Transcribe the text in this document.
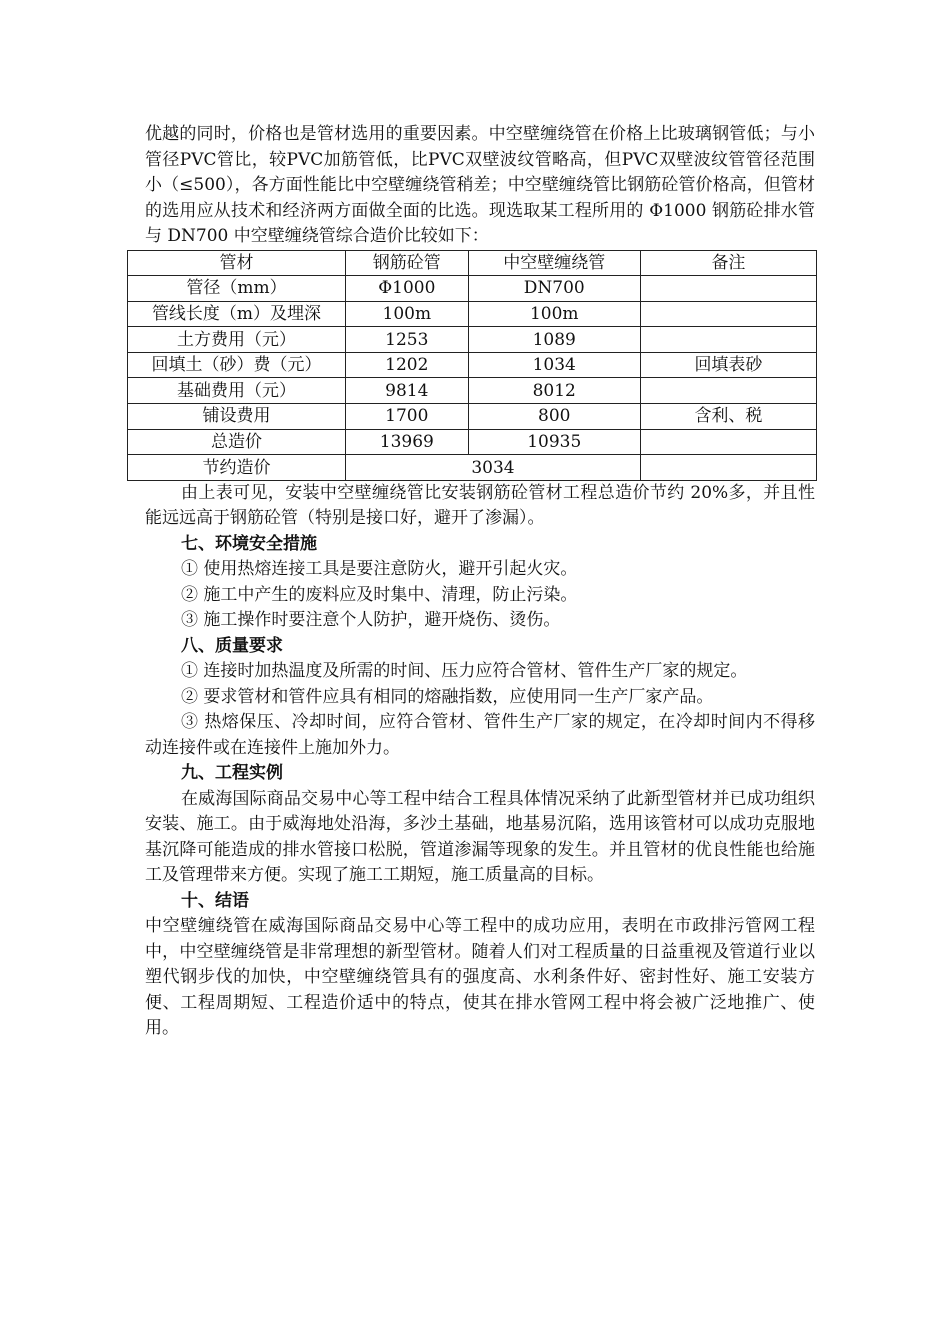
优越的同时，价格也是管材选用的重要因素。中空壁缠绕管在价格上比玻璃钢管低；与小管径PVC管比，较PVC加筋管低，比PVC双壁波纹管略高，但PVC双壁波纹管管径范围小（≤500），各方面性能比中空壁缠绕管稍差；中空壁缠绕管比钢筋砼管价格高，但管材的选用应从技术和经济两方面做全面的比选。现选取某工程所用的 Φ1000 钢筋砼排水管与 DN700 中空壁缠绕管综合造价比较如下：

管材	钢筋砼管	中空壁缠绕管	备注
管径（mm）	Φ1000	DN700	
管线长度（m）及埋深	100m	100m	
土方费用（元）	1253	1089	
回填土（砂）费（元）	1202	1034	回填表砂
基础费用（元）	9814	8012	
铺设费用	1700	800	含利、税
总造价	13969	10935	
节约造价	3034		

由上表可见，安装中空壁缠绕管比安装钢筋砼管材工程总造价节约 20%多，并且性能远远高于钢筋砼管（特别是接口好，避开了渗漏）。

七、环境安全措施

① 使用热熔连接工具是要注意防火，避开引起火灾。

② 施工中产生的废料应及时集中、清理，防止污染。

③ 施工操作时要注意个人防护，避开烧伤、烫伤。

八、质量要求

① 连接时加热温度及所需的时间、压力应符合管材、管件生产厂家的规定。

② 要求管材和管件应具有相同的熔融指数，应使用同一生产厂家产品。

③ 热熔保压、冷却时间，应符合管材、管件生产厂家的规定，在冷却时间内不得移动连接件或在连接件上施加外力。

九、工程实例

在威海国际商品交易中心等工程中结合工程具体情况采纳了此新型管材并已成功组织安装、施工。由于威海地处沿海，多沙土基础，地基易沉陷，选用该管材可以成功克服地基沉降可能造成的排水管接口松脱，管道渗漏等现象的发生。并且管材的优良性能也给施工及管理带来方便。实现了施工工期短，施工质量高的目标。

十、结语

中空壁缠绕管在威海国际商品交易中心等工程中的成功应用，表明在市政排污管网工程中，中空壁缠绕管是非常理想的新型管材。随着人们对工程质量的日益重视及管道行业以塑代钢步伐的加快，中空壁缠绕管具有的强度高、水利条件好、密封性好、施工安装方便、工程周期短、工程造价适中的特点，使其在排水管网工程中将会被广泛地推广、使用。
